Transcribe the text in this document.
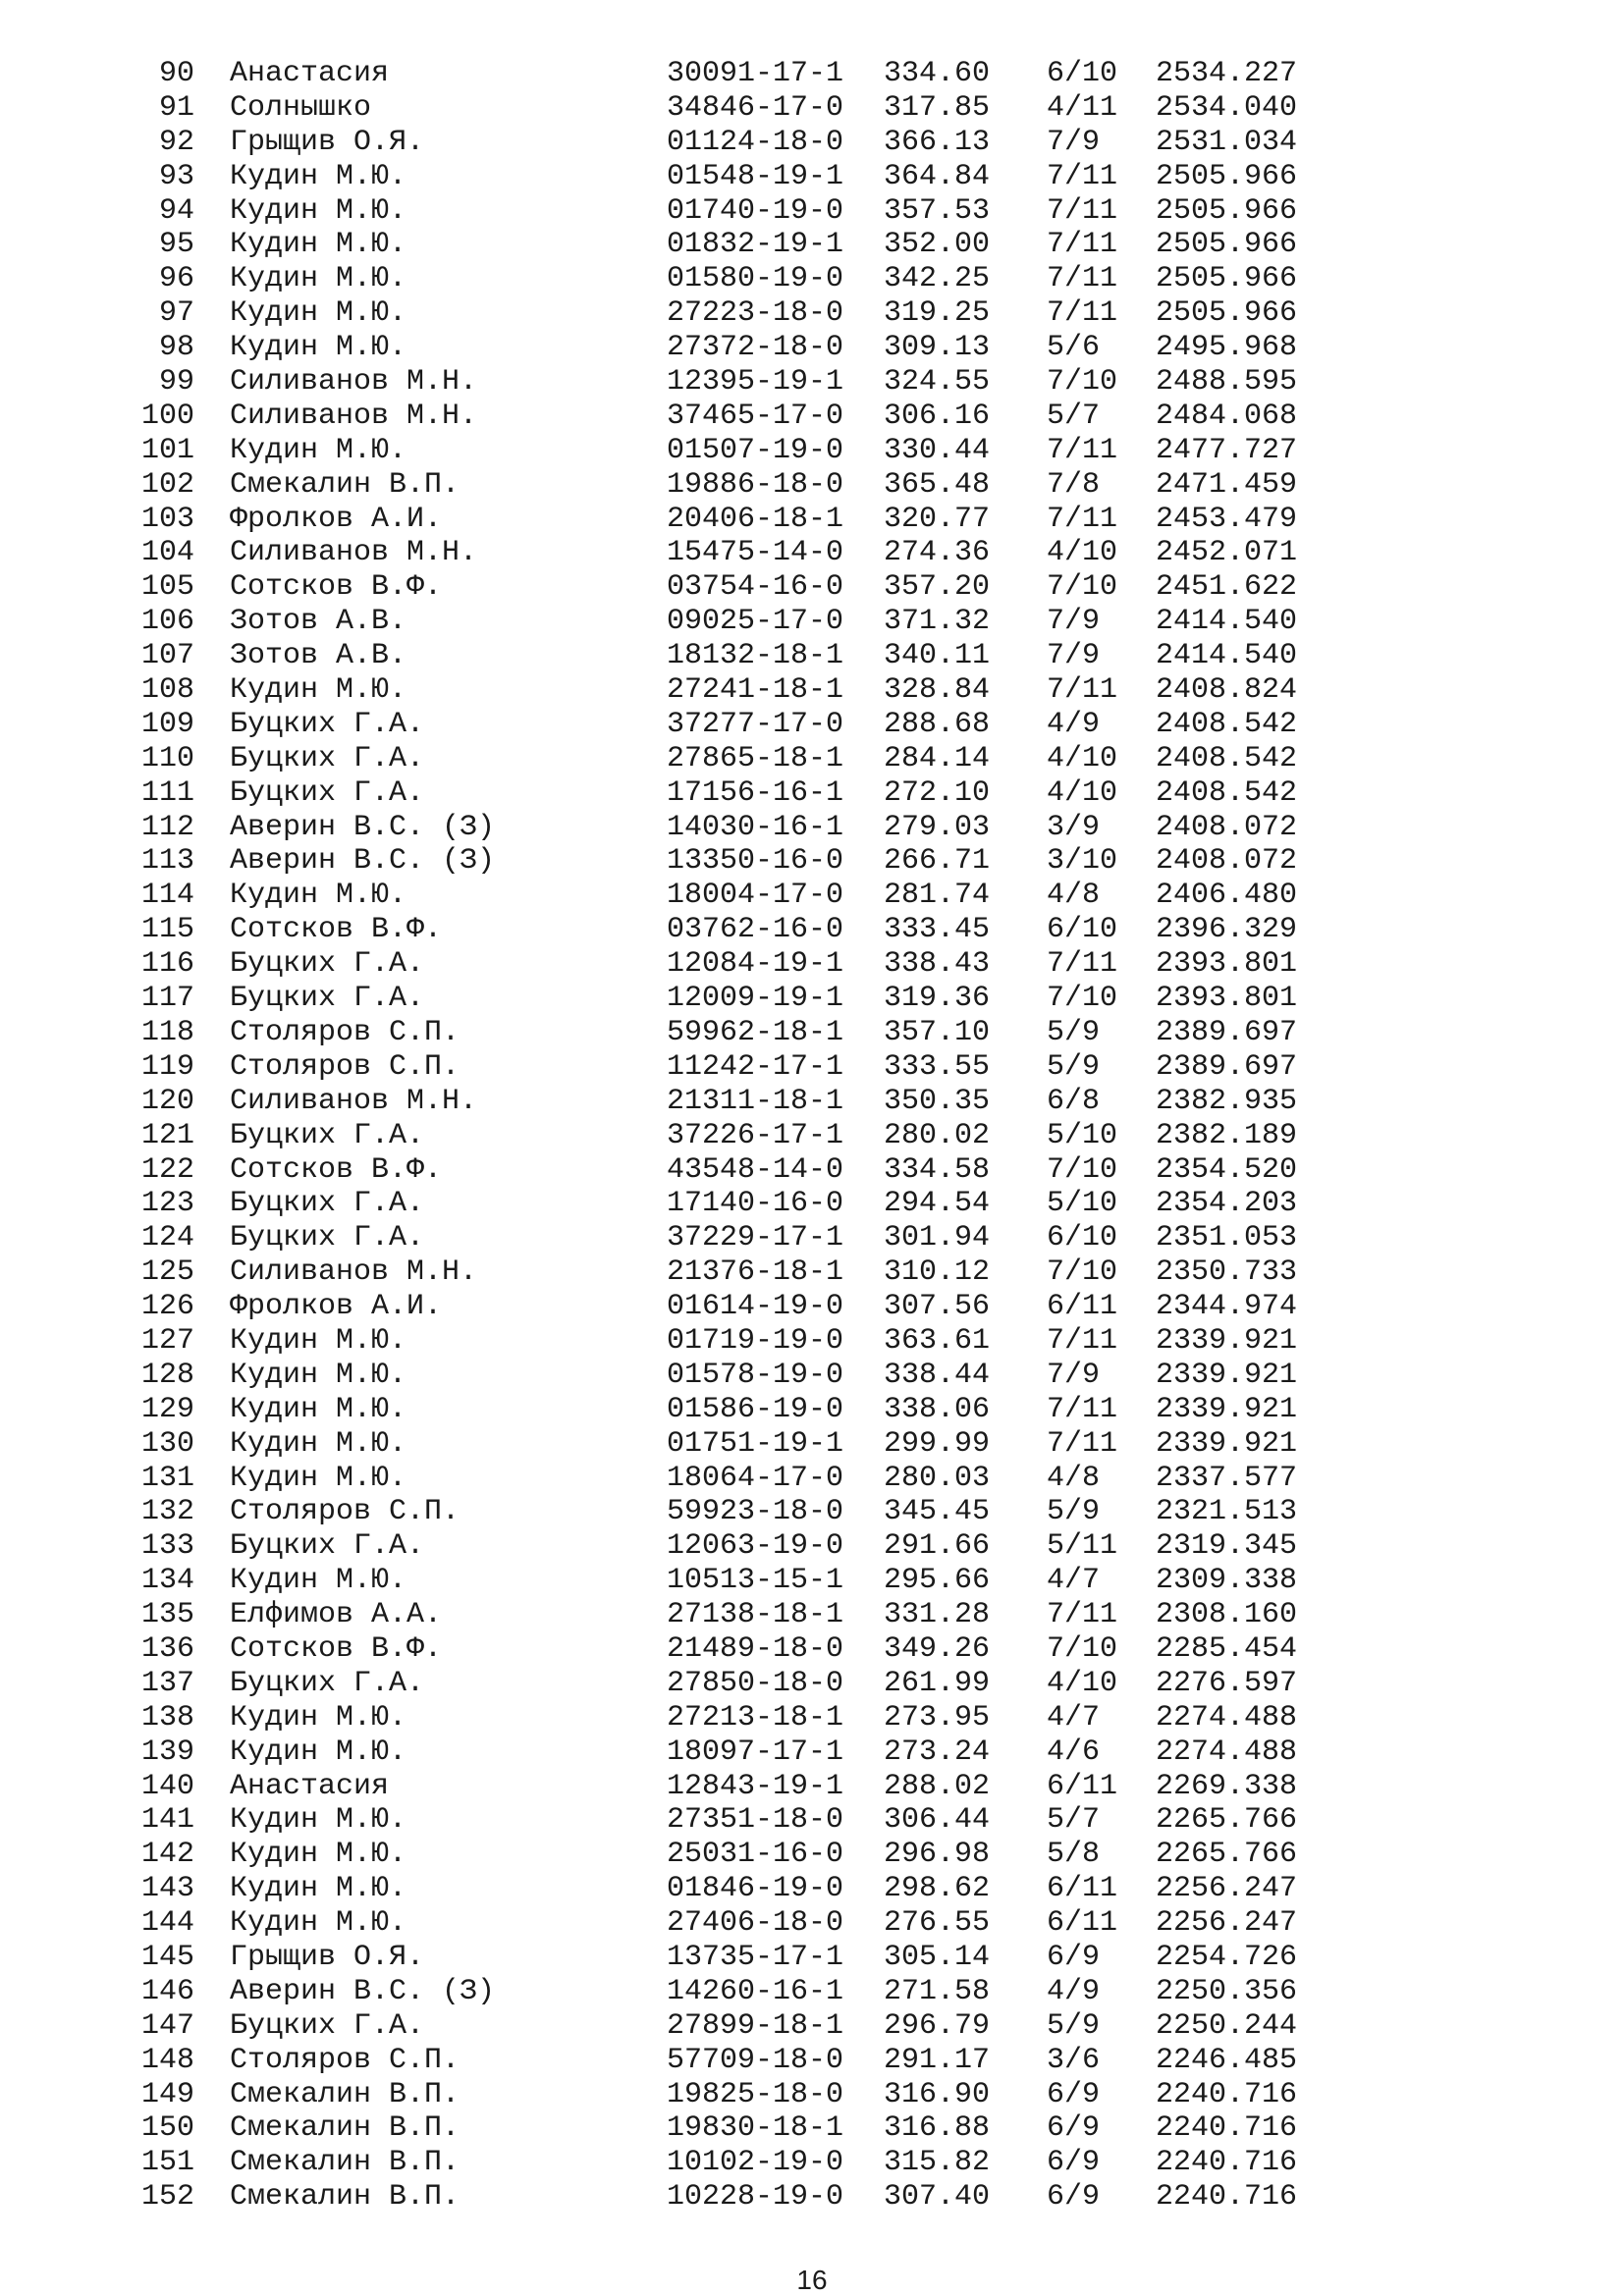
90 Анастасия	30091-17-1 334.60 6/10 2534.227
91 Солнышко	34846-17-0 317.85 4/11 2534.040
92 Грыщив О.Я.	01124-18-0 366.13 7/9 2531.034
93 Кудин М.Ю.	01548-19-1 364.84 7/11 2505.966
94 Кудин М.Ю.	01740-19-0 357.53 7/11 2505.966
95 Кудин М.Ю.	01832-19-1 352.00 7/11 2505.966
96 Кудин М.Ю.	01580-19-0 342.25 7/11 2505.966
97 Кудин М.Ю.	27223-18-0 319.25 7/11 2505.966
98 Кудин М.Ю.	27372-18-0 309.13 5/6 2495.968
99 Силиванов М.Н.	12395-19-1 324.55 7/10 2488.595
100 Силиванов М.Н.	37465-17-0 306.16 5/7 2484.068
101 Кудин М.Ю.	01507-19-0 330.44 7/11 2477.727
102 Смекалин В.П.	19886-18-0 365.48 7/8 2471.459
103 Фролков А.И.	20406-18-1 320.77 7/11 2453.479
104 Силиванов М.Н.	15475-14-0 274.36 4/10 2452.071
105 Сотсков В.Ф.	03754-16-0 357.20 7/10 2451.622
106 Зотов А.В.	09025-17-0 371.32 7/9 2414.540
107 Зотов А.В.	18132-18-1 340.11 7/9 2414.540
108 Кудин М.Ю.	27241-18-1 328.84 7/11 2408.824
109 Буцких Г.А.	37277-17-0 288.68 4/9 2408.542
110 Буцких Г.А.	27865-18-1 284.14 4/10 2408.542
111 Буцких Г.А.	17156-16-1 272.10 4/10 2408.542
112 Аверин В.С. (З)	14030-16-1 279.03 3/9 2408.072
113 Аверин В.С. (З)	13350-16-0 266.71 3/10 2408.072
114 Кудин М.Ю.	18004-17-0 281.74 4/8 2406.480
115 Сотсков В.Ф.	03762-16-0 333.45 6/10 2396.329
116 Буцких Г.А.	12084-19-1 338.43 7/11 2393.801
117 Буцких Г.А.	12009-19-1 319.36 7/10 2393.801
118 Столяров С.П.	59962-18-1 357.10 5/9 2389.697
119 Столяров С.П.	11242-17-1 333.55 5/9 2389.697
120 Силиванов М.Н.	21311-18-1 350.35 6/8 2382.935
121 Буцких Г.А.	37226-17-1 280.02 5/10 2382.189
122 Сотсков В.Ф.	43548-14-0 334.58 7/10 2354.520
123 Буцких Г.А.	17140-16-0 294.54 5/10 2354.203
124 Буцких Г.А.	37229-17-1 301.94 6/10 2351.053
125 Силиванов М.Н.	21376-18-1 310.12 7/10 2350.733
126 Фролков А.И.	01614-19-0 307.56 6/11 2344.974
127 Кудин М.Ю.	01719-19-0 363.61 7/11 2339.921
128 Кудин М.Ю.	01578-19-0 338.44 7/9 2339.921
129 Кудин М.Ю.	01586-19-0 338.06 7/11 2339.921
130 Кудин М.Ю.	01751-19-1 299.99 7/11 2339.921
131 Кудин М.Ю.	18064-17-0 280.03 4/8 2337.577
132 Столяров С.П.	59923-18-0 345.45 5/9 2321.513
133 Буцких Г.А.	12063-19-0 291.66 5/11 2319.345
134 Кудин М.Ю.	10513-15-1 295.66 4/7 2309.338
135 Елфимов А.А.	27138-18-1 331.28 7/11 2308.160
136 Сотсков В.Ф.	21489-18-0 349.26 7/10 2285.454
137 Буцких Г.А.	27850-18-0 261.99 4/10 2276.597
138 Кудин М.Ю.	27213-18-1 273.95 4/7 2274.488
139 Кудин М.Ю.	18097-17-1 273.24 4/6 2274.488
140 Анастасия	12843-19-1 288.02 6/11 2269.338
141 Кудин М.Ю.	27351-18-0 306.44 5/7 2265.766
142 Кудин М.Ю.	25031-16-0 296.98 5/8 2265.766
143 Кудин М.Ю.	01846-19-0 298.62 6/11 2256.247
144 Кудин М.Ю.	27406-18-0 276.55 6/11 2256.247
145 Грыщив О.Я.	13735-17-1 305.14 6/9 2254.726
146 Аверин В.С. (З)	14260-16-1 271.58 4/9 2250.356
147 Буцких Г.А.	27899-18-1 296.79 5/9 2250.244
148 Столяров С.П.	57709-18-0 291.17 3/6 2246.485
149 Смекалин В.П.	19825-18-0 316.90 6/9 2240.716
150 Смекалин В.П.	19830-18-1 316.88 6/9 2240.716
151 Смекалин В.П.	10102-19-0 315.82 6/9 2240.716
152 Смекалин В.П.	10228-19-0 307.40 6/9 2240.716
16
